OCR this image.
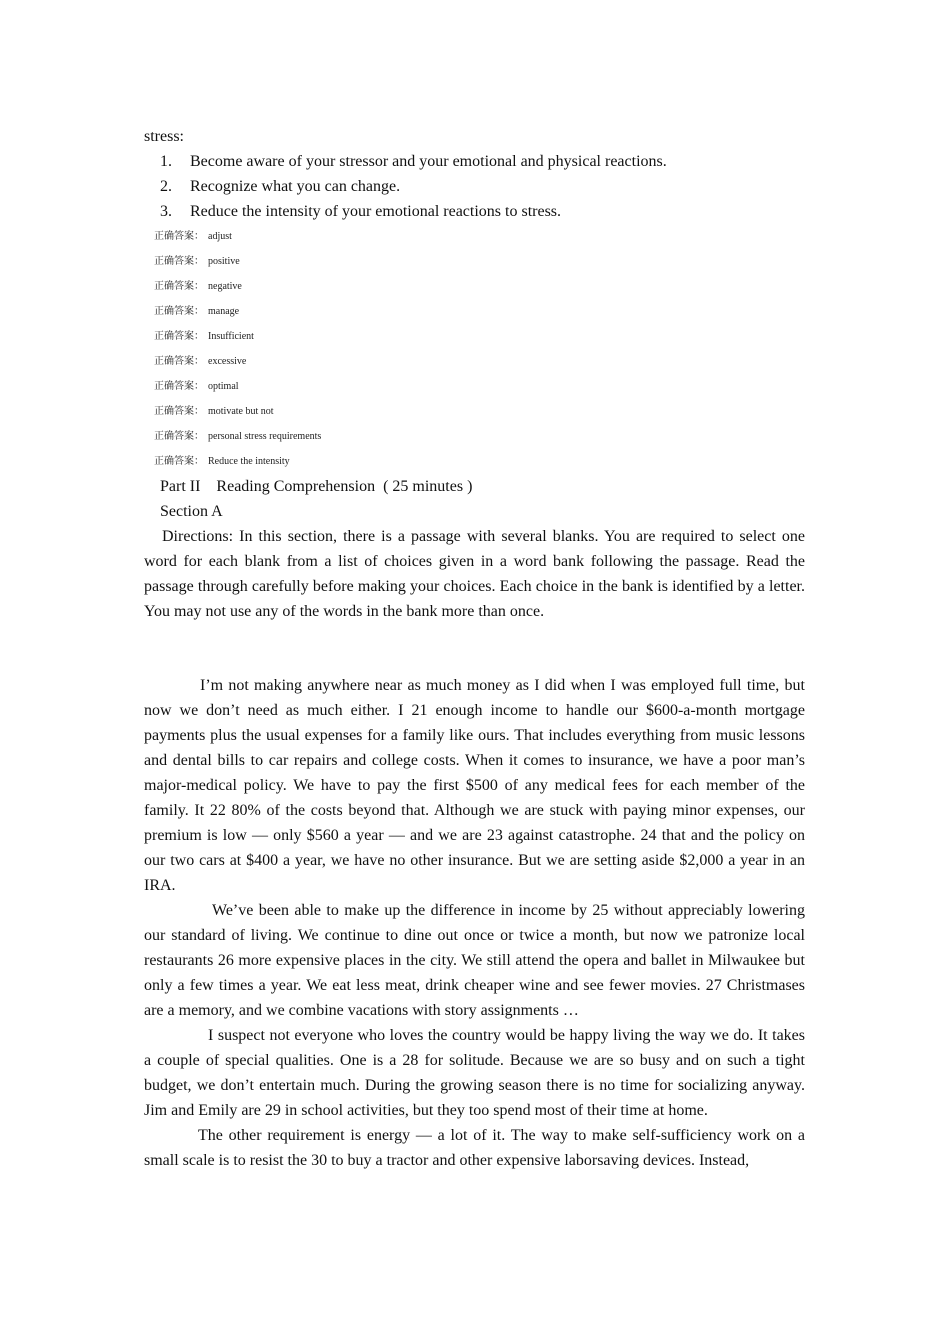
stress:
1.	Become aware of your stressor and your emotional and physical reactions.
2.	Recognize what you can change.
3.	Reduce the intensity of your emotional reactions to stress.
正确答案： adjust
正确答案： positive
正确答案： negative
正确答案： manage
正确答案： Insufficient
正确答案： excessive
正确答案： optimal
正确答案： motivate but not
正确答案： personal stress requirements
正确答案： Reduce the intensity
Part II    Reading Comprehension  ( 25 minutes )
Section A
Directions: In this section, there is a passage with several blanks. You are required to select one word for each blank from a list of choices given in a word bank following the passage. Read the passage through carefully before making your choices. Each choice in the bank is identified by a letter. You may not use any of the words in the bank more than once.
I’m not making anywhere near as much money as I did when I was employed full time, but now we don’t need as much either. I 21 enough income to handle our $600-a-month mortgage payments plus the usual expenses for a family like ours. That includes everything from music lessons and dental bills to car repairs and college costs. When it comes to insurance, we have a poor man’s major-medical policy. We have to pay the first $500 of any medical fees for each member of the family. It 22 80% of the costs beyond that. Although we are stuck with paying minor expenses, our premium is low — only $560 a year — and we are 23 against catastrophe. 24 that and the policy on our two cars at $400 a year, we have no other insurance. But we are setting aside $2,000 a year in an IRA.
We’ve been able to make up the difference in income by 25 without appreciably lowering our standard of living. We continue to dine out once or twice a month, but now we patronize local restaurants 26 more expensive places in the city. We still attend the opera and ballet in Milwaukee but only a few times a year. We eat less meat, drink cheaper wine and see fewer movies. 27 Christmases are a memory, and we combine vacations with story assignments …
I suspect not everyone who loves the country would be happy living the way we do. It takes a couple of special qualities. One is a 28 for solitude. Because we are so busy and on such a tight budget, we don’t entertain much. During the growing season there is no time for socializing anyway. Jim and Emily are 29 in school activities, but they too spend most of their time at home.
The other requirement is energy — a lot of it. The way to make self-sufficiency work on a small scale is to resist the 30 to buy a tractor and other expensive laborsaving devices. Instead,
